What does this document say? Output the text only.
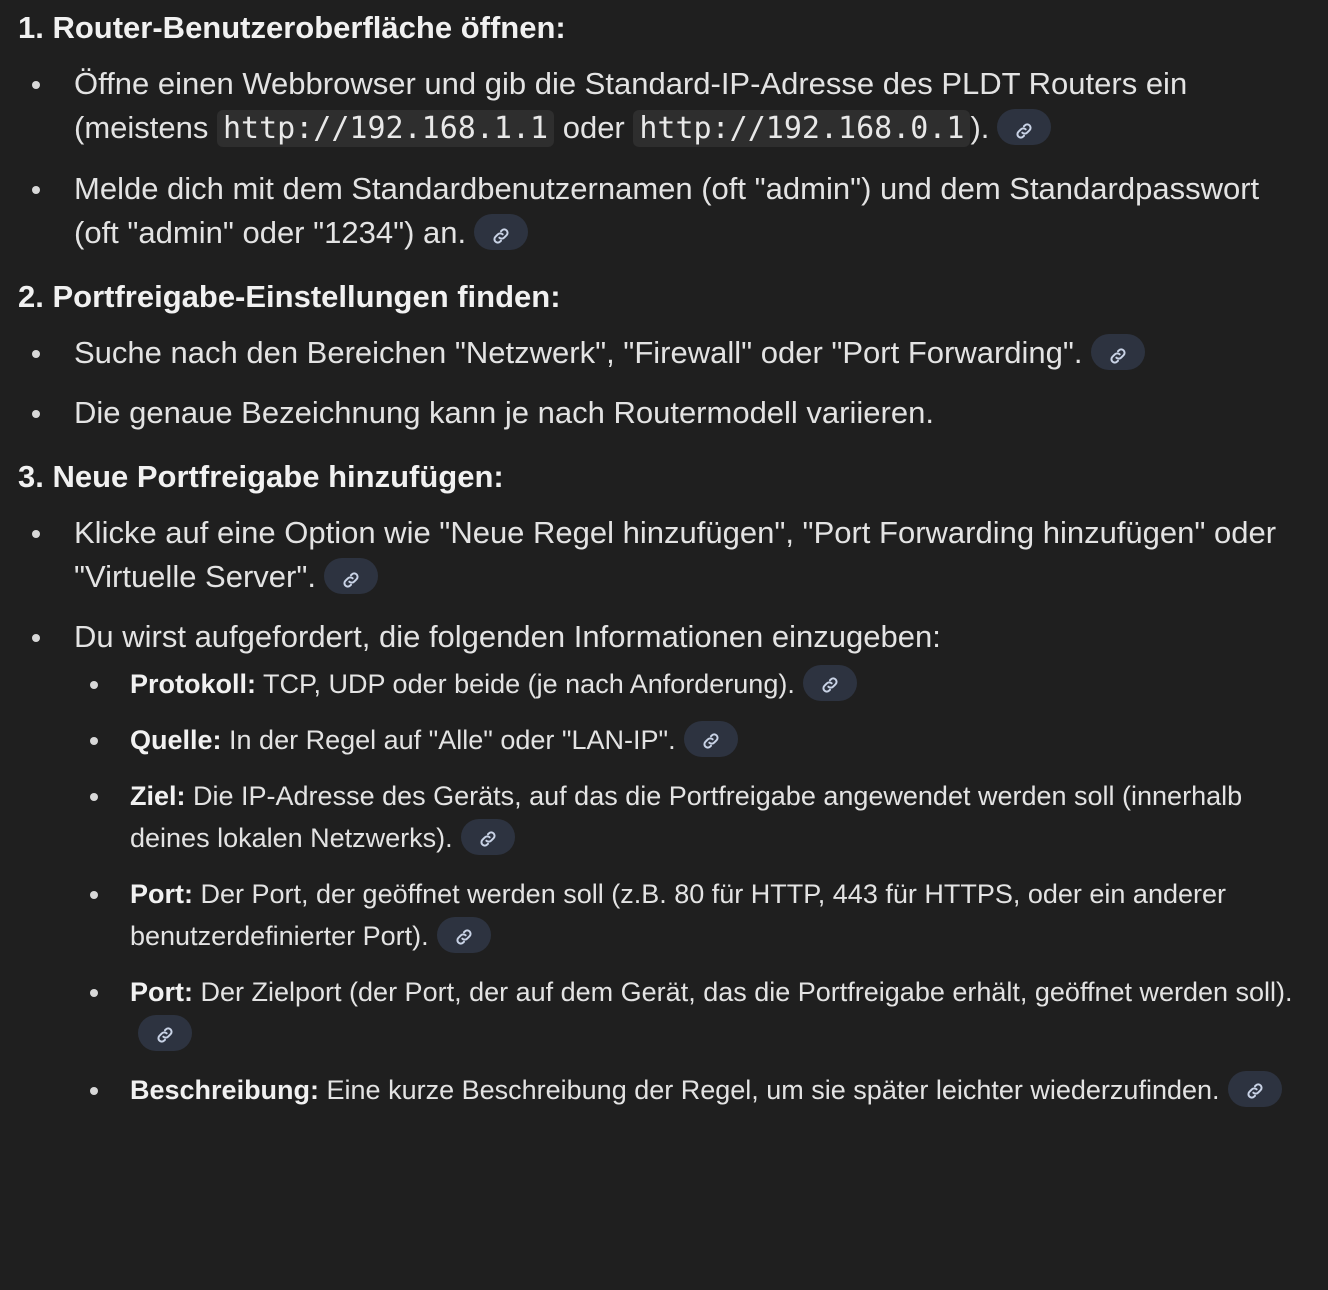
1. Router-Benutzeroberfläche öffnen:
Öffne einen Webbrowser und gib die Standard-IP-Adresse des PLDT Routers ein (meistens http://192.168.1.1 oder http://192.168.0.1 ).
Melde dich mit dem Standardbenutzernamen (oft "admin") und dem Standardpasswort (oft "admin" oder "1234") an.
2. Portfreigabe-Einstellungen finden:
Suche nach den Bereichen "Netzwerk", "Firewall" oder "Port Forwarding".
Die genaue Bezeichnung kann je nach Routermodell variieren.
3. Neue Portfreigabe hinzufügen:
Klicke auf eine Option wie "Neue Regel hinzufügen", "Port Forwarding hinzufügen" oder "Virtuelle Server".
Du wirst aufgefordert, die folgenden Informationen einzugeben:
Protokoll: TCP, UDP oder beide (je nach Anforderung).
Quelle: In der Regel auf "Alle" oder "LAN-IP".
Ziel: Die IP-Adresse des Geräts, auf das die Portfreigabe angewendet werden soll (innerhalb deines lokalen Netzwerks).
Port: Der Port, der geöffnet werden soll (z.B. 80 für HTTP, 443 für HTTPS, oder ein anderer benutzerdefinierter Port).
Port: Der Zielport (der Port, der auf dem Gerät, das die Portfreigabe erhält, geöffnet werden soll).
Beschreibung: Eine kurze Beschreibung der Regel, um sie später leichter wiederzufinden.
